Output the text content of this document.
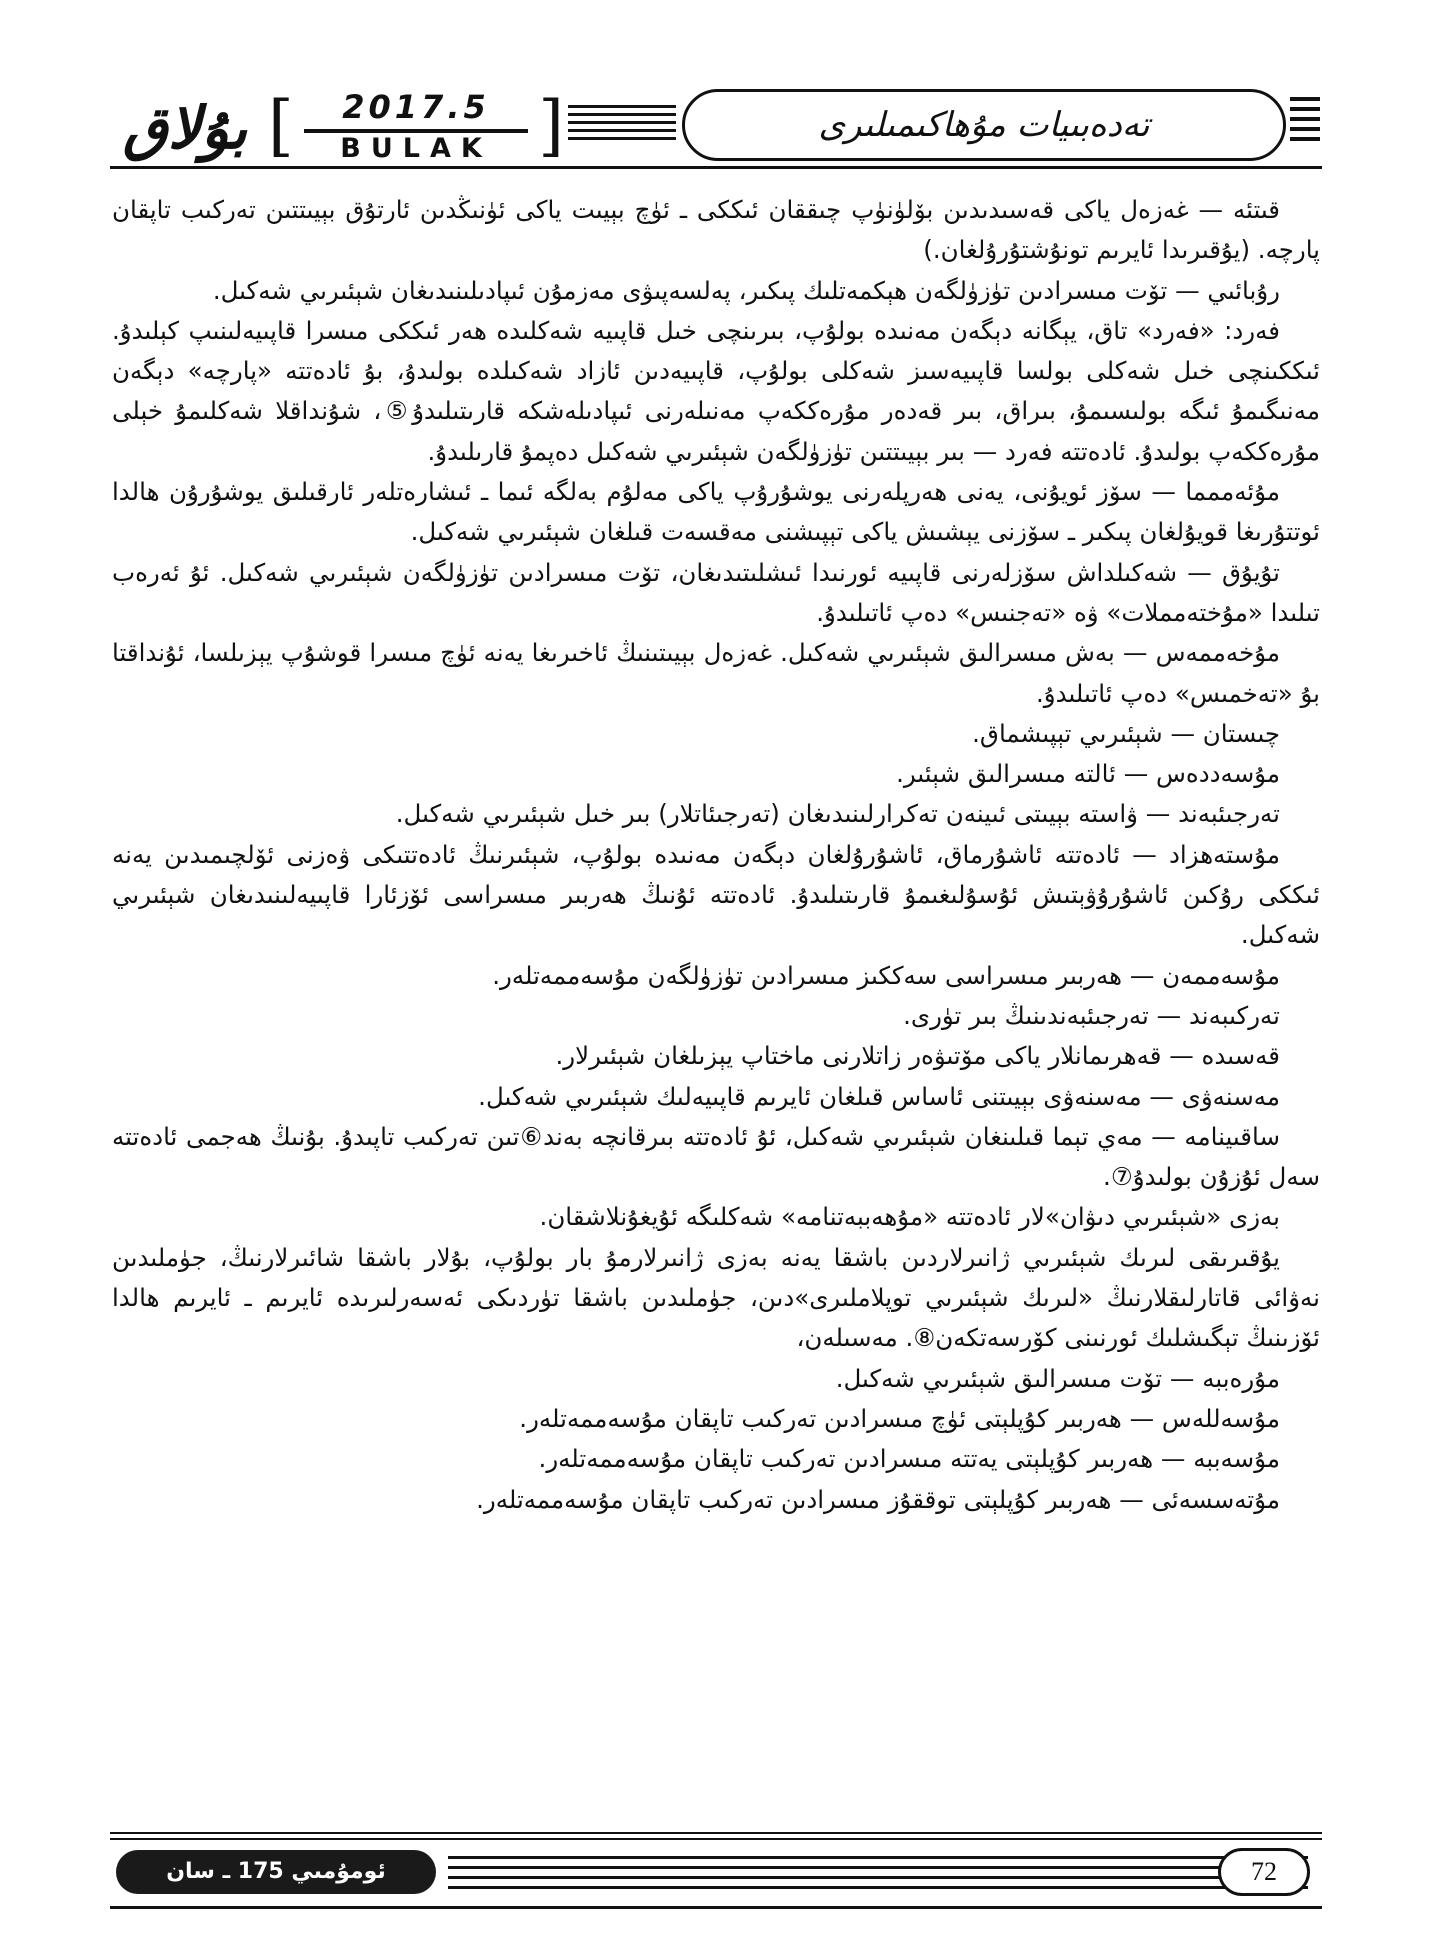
بۇلاق [	2017.5
BULAK ]	تەدەبىيات مۇھاكىمىلىرى

قىتئە — غەزەل ياكى قەسىدىدىن بۆلۈنۈپ چىققان ئىككى ـ ئۈچ بېيىت ياكى ئۈنىڭدىن ئارتۇق بېيىتتىن تەركىب تاپقان پارچە. (يۇقىرىدا ئايرىم تونۇشتۇرۇلغان.)

رۇبائىي — تۆت مىسرادىن تۈزۈلگەن ھېكمەتلىك پىكىر، پەلسەپىۋى مەزمۇن ئىپادىلىنىدىغان شېئىرىي شەكىل.

فەرد: «فەرد» تاق، يېگانە دېگەن مەنىدە بولۇپ، بىرىنچى خىل قاپىيە شەكلىدە ھەر ئىككى مىسرا قاپىيەلىنىپ كېلىدۇ. ئىككىنچى خىل شەكلى بولسا قاپىيەسىز شەكلى بولۇپ، قاپىيەدىن ئازاد شەكىلدە بولىدۇ، بۇ ئادەتتە «پارچە» دېگەن مەنىگىمۇ ئىگە بولىسىمۇ، بىراق، بىر قەدەر مۇرەككەپ مەنىلەرنى ئىپادىلەشكە قارىتىلىدۇ⑤، شۇنداقلا شەكلىمۇ خېلى مۇرەككەپ بولىدۇ. ئادەتتە فەرد — بىر بېيىتتىن تۈزۈلگەن شېئىرىي شەكىل دەپمۇ قارىلىدۇ.

مۇئەممما — سۆز ئويۇنى، يەنى ھەرپلەرنى يوشۇرۇپ ياكى مەلۇم بەلگە ئىما ـ ئىشارەتلەر ئارقىلىق يوشۇرۇن ھالدا ئوتتۇرىغا قويۇلغان پىكىر ـ سۆزنى يېشىش ياكى تېپىشنى مەقسەت قىلغان شېئىرىي شەكىل.

تۇيۇق — شەكىلداش سۆزلەرنى قاپىيە ئورنىدا ئىشلىتىدىغان، تۆت مىسرادىن تۈزۈلگەن شېئىرىي شەكىل. ئۇ ئەرەب تىلىدا «مۇختەمملات» ۋە «تەجنىس» دەپ ئاتىلىدۇ.

مۇخەممەس — بەش مىسرالىق شېئىرىي شەكىل. غەزەل بېيىتىنىڭ ئاخىرىغا يەنە ئۈچ مىسرا قوشۇپ يېزىلسا، ئۇنداقتا بۇ «تەخمىس» دەپ ئاتىلىدۇ.

چىستان — شېئىرىي تېپىشماق.

مۇسەددەس — ئالتە مىسرالىق شېئىر.

تەرجىئبەند — ۋاستە بېيىتى ئىينەن تەكرارلىنىدىغان (تەرجىئاتلار) بىر خىل شېئىرىي شەكىل.

مۇستەھزاد — ئادەتتە ئاشۇرماق، ئاشۇرۇلغان دېگەن مەنىدە بولۇپ، شېئىرنىڭ ئادەتتىكى ۋەزنى ئۆلچىمىدىن يەنە ئىككى رۇكىن ئاشۇرۇۋېتىش ئۇسۇلىغىمۇ قارىتىلىدۇ. ئادەتتە ئۇنىڭ ھەربىر مىسراسى ئۆزئارا قاپىيەلىنىدىغان شېئىرىي شەكىل.

مۇسەممەن — ھەربىر مىسراسى سەككىز مىسرادىن تۈزۈلگەن مۇسەممەتلەر.

تەركىبەند — تەرجىئبەندىنىڭ بىر تۈرى.

قەسىدە — قەھرىمانلار ياكى مۆتىۋەر زاتلارنى ماختاپ يېزىلغان شېئىرلار.

مەسنەۋى — مەسنەۋى بېيىتنى ئاساس قىلغان ئايرىم قاپىيەلىك شېئىرىي شەكىل.

ساقىينامە — مەي تېما قىلىنغان شېئىرىي شەكىل، ئۇ ئادەتتە بىرقانچە بەند⑥تىن تەركىب تاپىدۇ. بۇنىڭ ھەجمى ئادەتتە سەل ئۇزۇن بولىدۇ⑦.

بەزى «شېئىرىي دىۋان»لار ئادەتتە «مۇھەببەتنامە» شەكلىگە ئۇيغۇنلاشقان.

يۇقىرىقى لىرىك شېئىرىي ژانىرلاردىن باشقا يەنە بەزى ژانىرلارمۇ بار بولۇپ، بۇلار باشقا شائىرلارنىڭ، جۈملىدىن نەۋائى قاتارلىقلارنىڭ «لىرىك شېئىرىي توپلاملىرى»دىن، جۈملىدىن باشقا تۈردىكى ئەسەرلىرىدە ئايرىم ـ ئايرىم ھالدا ئۆزىنىڭ تېگىشلىك ئورنىنى كۆرسەتكەن⑧. مەسىلەن،

مۇرەببە — تۆت مىسرالىق شېئىرىي شەكىل.

مۇسەللەس — ھەربىر كۇپلېتى ئۈچ مىسرادىن تەركىب تاپقان مۇسەممەتلەر.

مۇسەببە — ھەربىر كۇپلېتى يەتتە مىسرادىن تەركىب تاپقان مۇسەممەتلەر.

مۇتەسسەئى — ھەربىر كۇپلېتى توققۇز مىسرادىن تەركىب تاپقان مۇسەممەتلەر.

ئومۇمىي 175 ـ سان	72
